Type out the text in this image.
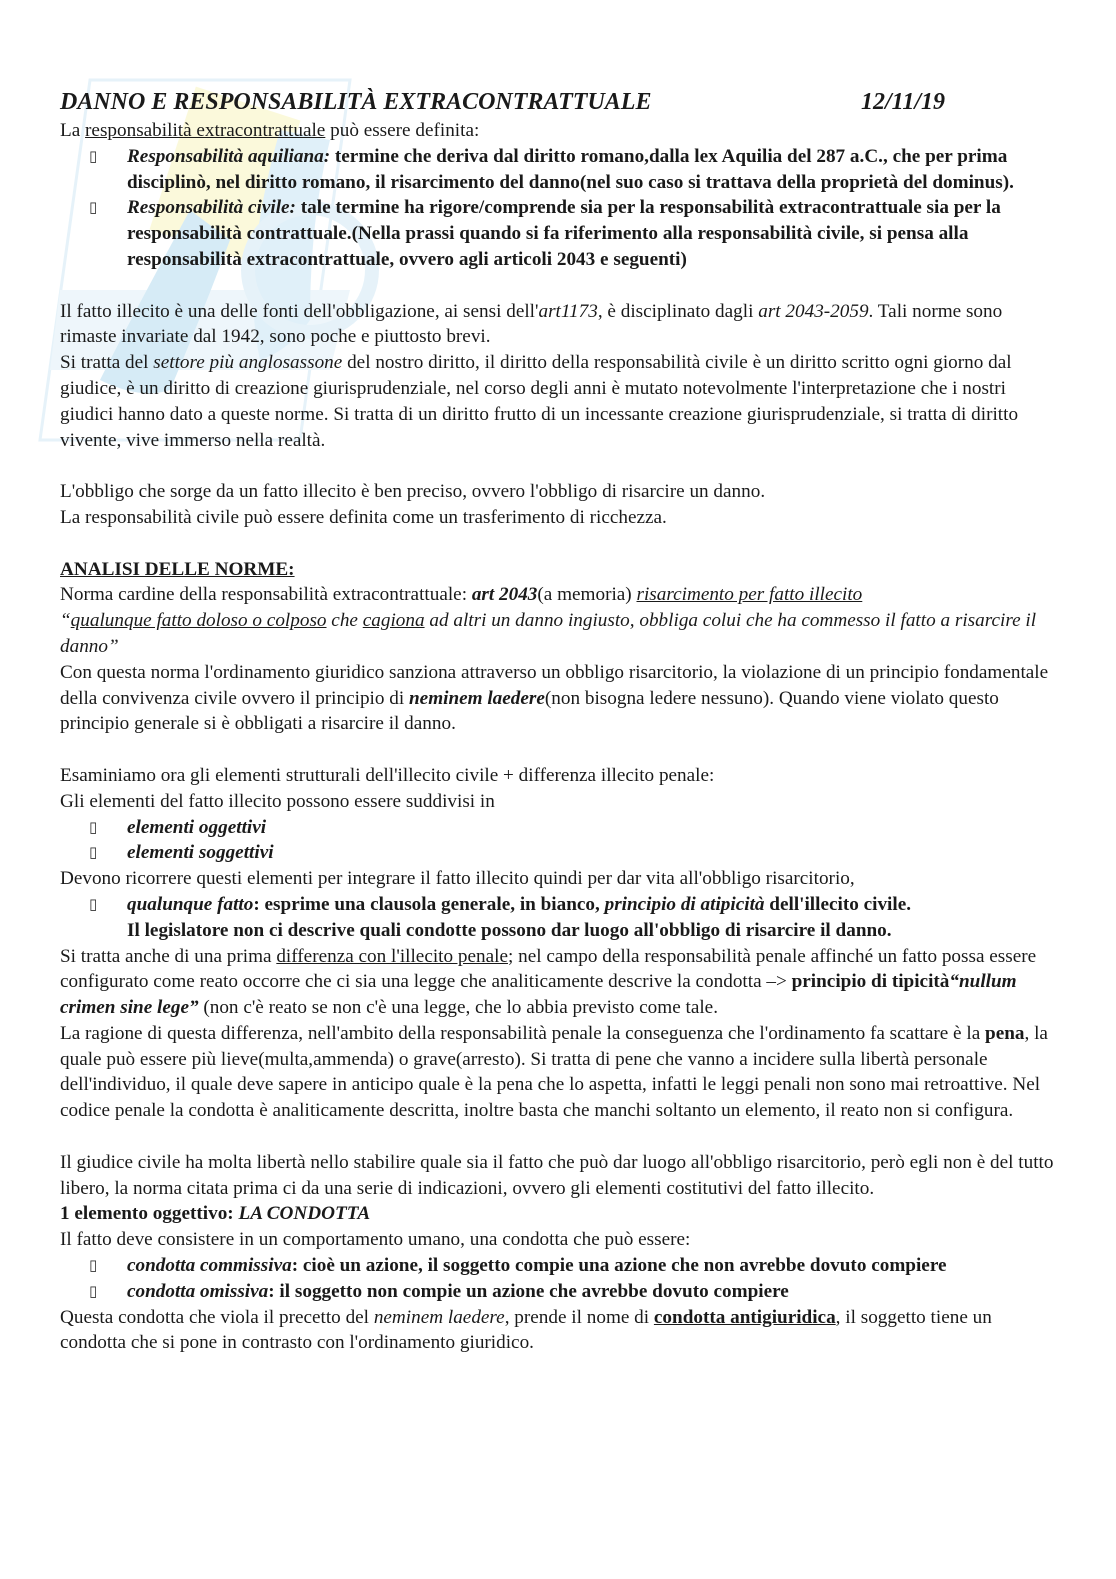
DANNO E RESPONSABILITÀ EXTRACONTRATTUALE	12/11/19

La responsabilità extracontrattuale può essere definita:

▯ Responsabilità aquiliana: termine che deriva dal diritto romano,dalla lex Aquilia del 287 a.C., che per prima disciplinò, nel diritto romano, il risarcimento del danno(nel suo caso si trattava della proprietà del dominus).
▯ Responsabilità civile: tale termine ha rigore/comprende sia per la responsabilità extracontrattuale sia per la responsabilità contrattuale.(Nella prassi quando si fa riferimento alla responsabilità civile, si pensa alla responsabilità extracontrattuale, ovvero agli articoli 2043 e seguenti)

Il fatto illecito è una delle fonti dell'obbligazione, ai sensi dell'art1173, è disciplinato dagli art 2043-2059. Tali norme sono rimaste invariate dal 1942, sono poche e piuttosto brevi.
Si tratta del settore più anglosassone del nostro diritto, il diritto della responsabilità civile è un diritto scritto ogni giorno dal giudice, è un diritto di creazione giurisprudenziale, nel corso degli anni è mutato notevolmente l'interpretazione che i nostri giudici hanno dato a queste norme. Si tratta di un diritto frutto di un incessante creazione giurisprudenziale, si tratta di diritto vivente, vive immerso nella realtà.

L'obbligo che sorge da un fatto illecito è ben preciso, ovvero l'obbligo di risarcire un danno.
La responsabilità civile può essere definita come un trasferimento di ricchezza.

ANALISI DELLE NORME:

Norma cardine della responsabilità extracontrattuale: art 2043(a memoria) risarcimento per fatto illecito
“qualunque fatto doloso o colposo che cagiona ad altri un danno ingiusto, obbliga colui che ha commesso il fatto a risarcire il danno”
Con questa norma l'ordinamento giuridico sanziona attraverso un obbligo risarcitorio, la violazione di un principio fondamentale della convivenza civile ovvero il principio di neminem laedere(non bisogna ledere nessuno). Quando viene violato questo principio generale si è obbligati a risarcire il danno.

Esaminiamo ora gli elementi strutturali dell'illecito civile + differenza illecito penale:
Gli elementi del fatto illecito possono essere suddivisi in

▯ elementi oggettivi
▯ elementi soggettivi

Devono ricorrere questi elementi per integrare il fatto illecito quindi per dar vita all'obbligo risarcitorio,

▯ qualunque fatto: esprime una clausola generale, in bianco, principio di atipicità dell'illecito civile.
Il legislatore non ci descrive quali condotte possono dar luogo all'obbligo di risarcire il danno.

Si tratta anche di una prima differenza con l'illecito penale; nel campo della responsabilità penale affinché un fatto possa essere configurato come reato occorre che ci sia una legge che analiticamente descrive la condotta –> principio di tipicità“nullum crimen sine lege” (non c'è reato se non c'è una legge, che lo abbia previsto come tale.

La ragione di questa differenza, nell'ambito della responsabilità penale la conseguenza che l'ordinamento fa scattare è la pena, la quale può essere più lieve(multa,ammenda) o grave(arresto). Si tratta di pene che vanno a incidere sulla libertà personale dell'individuo, il quale deve sapere in anticipo quale è la pena che lo aspetta, infatti le leggi penali non sono mai retroattive. Nel codice penale la condotta è analiticamente descritta, inoltre basta che manchi soltanto un elemento, il reato non si configura.

Il giudice civile ha molta libertà nello stabilire quale sia il fatto che può dar luogo all'obbligo risarcitorio, però egli non è del tutto libero, la norma citata prima ci da una serie di indicazioni, ovvero gli elementi costitutivi del fatto illecito.

1 elemento oggettivo: LA CONDOTTA

Il fatto deve consistere in un comportamento umano, una condotta che può essere:

▯ condotta commissiva: cioè un azione, il soggetto compie una azione che non avrebbe dovuto compiere
▯ condotta omissiva: il soggetto non compie un azione che avrebbe dovuto compiere

Questa condotta che viola il precetto del neminem laedere, prende il nome di condotta antigiuridica, il soggetto tiene un condotta che si pone in contrasto con l'ordinamento giuridico.
